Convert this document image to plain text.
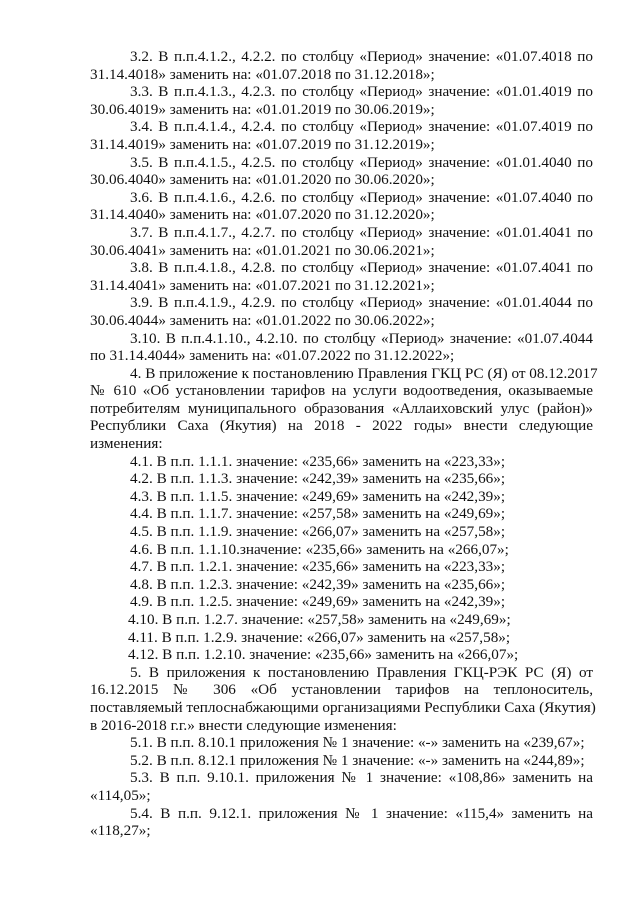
3.2. В п.п.4.1.2., 4.2.2. по столбцу «Период» значение: «01.07.4018 по
31.14.4018» заменить на: «01.07.2018 по 31.12.2018»;
3.3. В п.п.4.1.3., 4.2.3. по столбцу «Период» значение: «01.01.4019 по
30.06.4019» заменить на: «01.01.2019 по 30.06.2019»;
3.4. В п.п.4.1.4., 4.2.4. по столбцу «Период» значение: «01.07.4019 по
31.14.4019» заменить на: «01.07.2019 по 31.12.2019»;
3.5. В п.п.4.1.5., 4.2.5. по столбцу «Период» значение: «01.01.4040 по
30.06.4040» заменить на: «01.01.2020 по 30.06.2020»;
3.6. В п.п.4.1.6., 4.2.6. по столбцу «Период» значение: «01.07.4040 по
31.14.4040» заменить на: «01.07.2020 по 31.12.2020»;
3.7. В п.п.4.1.7., 4.2.7. по столбцу «Период» значение: «01.01.4041 по
30.06.4041» заменить на: «01.01.2021 по 30.06.2021»;
3.8. В п.п.4.1.8., 4.2.8. по столбцу «Период» значение: «01.07.4041 по
31.14.4041» заменить на: «01.07.2021 по 31.12.2021»;
3.9. В п.п.4.1.9., 4.2.9. по столбцу «Период» значение: «01.01.4044 по
30.06.4044» заменить на: «01.01.2022 по 30.06.2022»;
3.10. В п.п.4.1.10., 4.2.10. по столбцу «Период» значение: «01.07.4044
по 31.14.4044» заменить на: «01.07.2022 по 31.12.2022»;
4. В приложение к постановлению Правления ГКЦ РС (Я) от 08.12.2017
№ 610 «Об установлении тарифов на услуги водоотведения, оказываемые
потребителям муниципального образования «Аллаиховский улус (район)»
Республики Саха (Якутия) на 2018 - 2022 годы» внести следующие
изменения:
4.1. В п.п. 1.1.1. значение: «235,66» заменить на «223,33»;
4.2. В п.п. 1.1.3. значение: «242,39» заменить на «235,66»;
4.3. В п.п. 1.1.5. значение: «249,69» заменить на «242,39»;
4.4. В п.п. 1.1.7. значение: «257,58» заменить на «249,69»;
4.5. В п.п. 1.1.9. значение: «266,07» заменить на «257,58»;
4.6. В п.п. 1.1.10.значение: «235,66» заменить на «266,07»;
4.7. В п.п. 1.2.1. значение: «235,66» заменить на «223,33»;
4.8. В п.п. 1.2.3. значение: «242,39» заменить на «235,66»;
4.9. В п.п. 1.2.5. значение: «249,69» заменить на «242,39»;
4.10. В п.п. 1.2.7. значение: «257,58» заменить на «249,69»;
4.11. В п.п. 1.2.9. значение: «266,07» заменить на «257,58»;
4.12. В п.п. 1.2.10. значение: «235,66» заменить на «266,07»;
5. В приложения к постановлению Правления ГКЦ-РЭК РС (Я) от
16.12.2015 № 306 «Об установлении тарифов на теплоноситель,
поставляемый теплоснабжающими организациями Республики Саха (Якутия)
в 2016-2018 г.г.» внести следующие изменения:
5.1. В п.п. 8.10.1 приложения № 1 значение: «-» заменить на «239,67»;
5.2. В п.п. 8.12.1 приложения № 1 значение: «-» заменить на «244,89»;
5.3. В п.п. 9.10.1. приложения № 1 значение: «108,86» заменить на
«114,05»;
5.4. В п.п. 9.12.1. приложения № 1 значение: «115,4» заменить на
«118,27»;
